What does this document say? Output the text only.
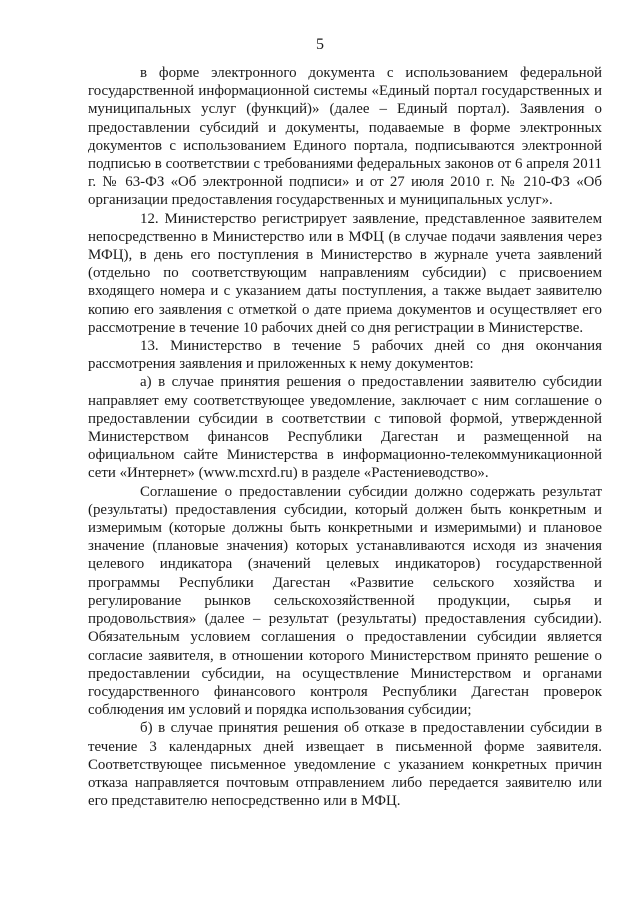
5

в форме электронного документа с использованием федеральной государственной информационной системы «Единый портал государственных и муниципальных услуг (функций)» (далее – Единый портал). Заявления о предоставлении субсидий и документы, подаваемые в форме электронных документов с использованием Единого портала, подписываются электронной подписью в соответствии с требованиями федеральных законов от 6 апреля 2011 г. № 63-ФЗ «Об электронной подписи» и от 27 июля 2010 г. № 210-ФЗ «Об организации предоставления государственных и муниципальных услуг».

12. Министерство регистрирует заявление, представленное заявителем непосредственно в Министерство или в МФЦ (в случае подачи заявления через МФЦ), в день его поступления в Министерство в журнале учета заявлений (отдельно по соответствующим направлениям субсидии) с присвоением входящего номера и с указанием даты поступления, а также выдает заявителю копию его заявления с отметкой о дате приема документов и осуществляет его рассмотрение в течение 10 рабочих дней со дня регистрации в Министерстве.

13. Министерство в течение 5 рабочих дней со дня окончания рассмотрения заявления и приложенных к нему документов:

а) в случае принятия решения о предоставлении заявителю субсидии направляет ему соответствующее уведомление, заключает с ним соглашение о предоставлении субсидии в соответствии с типовой формой, утвержденной Министерством финансов Республики Дагестан и размещенной на официальном сайте Министерства в информационно-телекоммуникационной сети «Интернет» (www.mcxrd.ru) в разделе «Растениеводство».

Соглашение о предоставлении субсидии должно содержать результат (результаты) предоставления субсидии, который должен быть конкретным и измеримым (которые должны быть конкретными и измеримыми) и плановое значение (плановые значения) которых устанавливаются исходя из значения целевого индикатора (значений целевых индикаторов) государственной программы Республики Дагестан «Развитие сельского хозяйства и регулирование рынков сельскохозяйственной продукции, сырья и продовольствия» (далее – результат (результаты) предоставления субсидии). Обязательным условием соглашения о предоставлении субсидии является согласие заявителя, в отношении которого Министерством принято решение о предоставлении субсидии, на осуществление Министерством и органами государственного финансового контроля Республики Дагестан проверок соблюдения им условий и порядка использования субсидии;

б) в случае принятия решения об отказе в предоставлении субсидии в течение 3 календарных дней извещает в письменной форме заявителя. Соответствующее письменное уведомление с указанием конкретных причин отказа направляется почтовым отправлением либо передается заявителю или его представителю непосредственно или в МФЦ.
